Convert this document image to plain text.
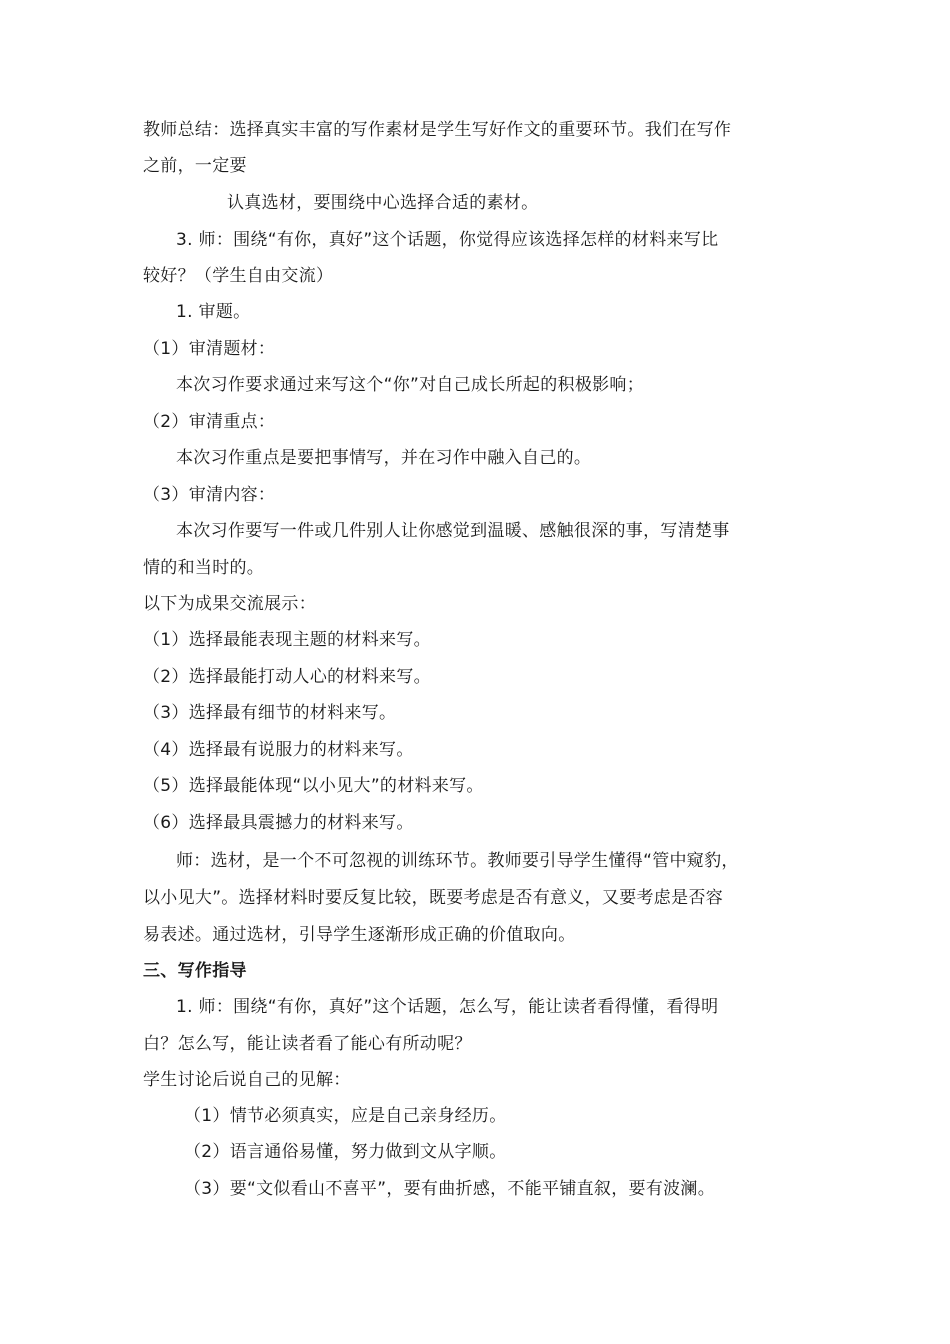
教师总结：选择真实丰富的写作素材是学生写好作文的重要环节。我们在写作
之前，一定要
认真选材，要围绕中心选择合适的素材。
3. 师：围绕“有你，真好”这个话题，你觉得应该选择怎样的材料来写比
较好？（学生自由交流）
1. 审题。
（1）审清题材：
本次习作要求通过来写这个“你”对自己成长所起的积极影响；
（2）审清重点：
本次习作重点是要把事情写，并在习作中融入自己的。
（3）审清内容：
本次习作要写一件或几件别人让你感觉到温暖、感触很深的事，写清楚事
情的和当时的。
以下为成果交流展示：
（1）选择最能表现主题的材料来写。
（2）选择最能打动人心的材料来写。
（3）选择最有细节的材料来写。
（4）选择最有说服力的材料来写。
（5）选择最能体现“以小见大”的材料来写。
（6）选择最具震撼力的材料来写。
师：选材，是一个不可忽视的训练环节。教师要引导学生懂得“管中窥豹，
以小见大”。选择材料时要反复比较，既要考虑是否有意义，又要考虑是否容
易表述。通过选材，引导学生逐渐形成正确的价值取向。
三、写作指导
1. 师：围绕“有你，真好”这个话题，怎么写，能让读者看得懂，看得明
白？怎么写，能让读者看了能心有所动呢？
学生讨论后说自己的见解：
（1）情节必须真实，应是自己亲身经历。
（2）语言通俗易懂，努力做到文从字顺。
（3）要“文似看山不喜平”，要有曲折感，不能平铺直叙，要有波澜。
